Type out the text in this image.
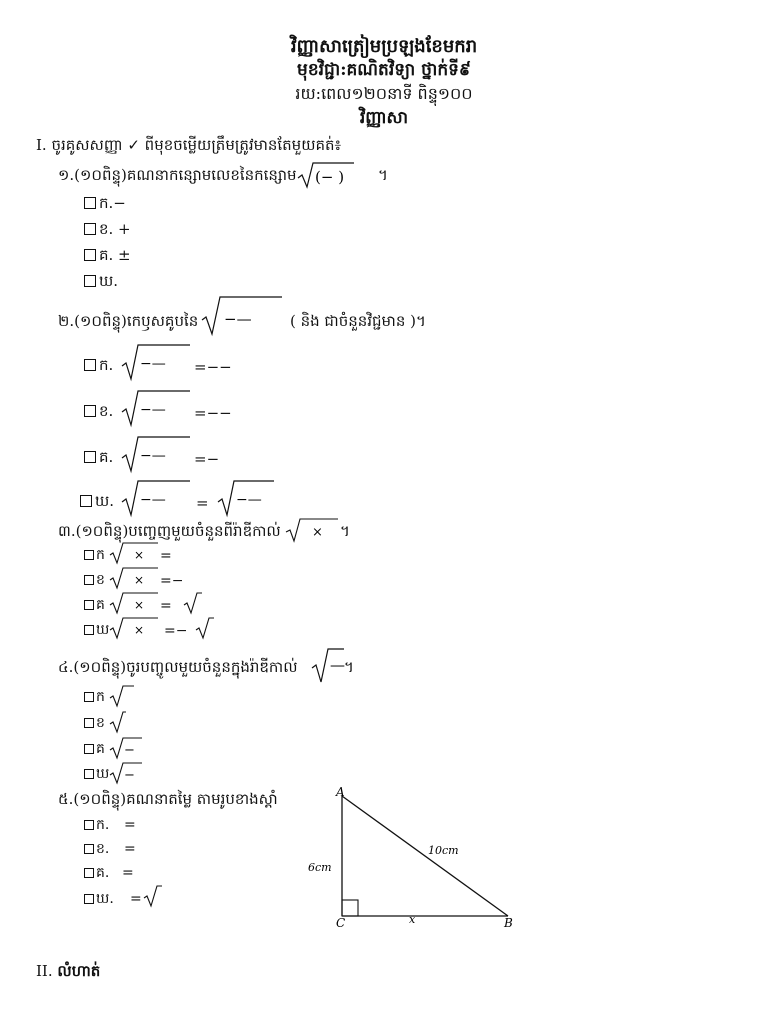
វិញ្ញាសាត្រៀមប្រឡងខែមករា
មុខវិជ្ជា:គណិតវិទ្យា ថ្នាក់ទី៩
រយ:ពេល១២០នាទី ពិន្ទុ១០០
វិញ្ញាសា
I. ចូរគូសសញ្ញា ✓ ពីមុខចម្លើយត្រឹមត្រូវមានតែមួយគត់៖
១.(១០ពិន្ទុ)គណនាកន្សោមលេខនៃកន្សោម (− ) ។
ក.−
ខ. +
គ. ±
ឃ.
២.(១០ពិន្ទុ)កេឫសគូបនៃ −—	( និង ជាចំនួនវិជ្ជមាន )។
ក. −— =−−
ខ. −— =−−
គ. −— =−
ឃ. −— = −—
៣.(១០ពិន្ទុ)បញ្ចេញមួយចំនួនពីរ៉ាឌីកាល់ × ។
ក × =
ខ × =−
គ × =
ឃ × =−
៤.(១០ពិន្ទុ)ចូរបញ្ចូលមួយចំនួនក្នុងរ៉ាឌីកាល់ — ។
ក
ខ
គ −
ឃ −
៥.(១០ពិន្ទុ)គណនាតម្លៃ តាមរូបខាងស្តាំ
ក. =
ខ. =
គ. =
ឃ. =
A
C	B
6cm
10cm
x
II. លំហាត់
